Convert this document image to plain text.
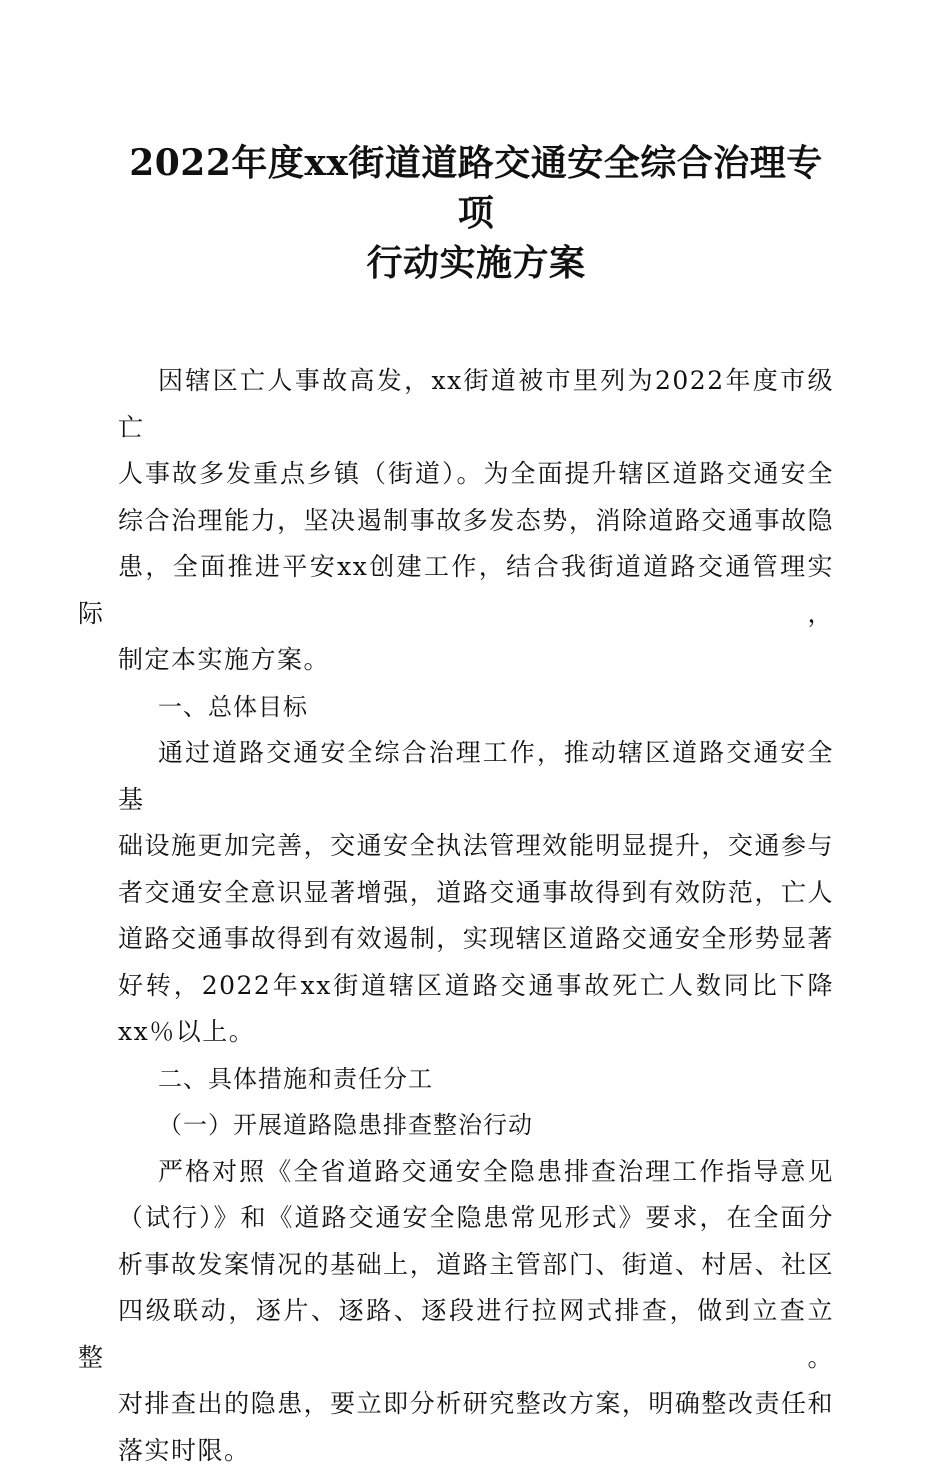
2022年度xx街道道路交通安全综合治理专项
行动实施方案

因辖区亡人事故高发，xx街道被市里列为2022年度市级亡
人事故多发重点乡镇（街道）。为全面提升辖区道路交通安全
综合治理能力，坚决遏制事故多发态势，消除道路交通事故隐
患，全面推进平安xx创建工作，结合我街道道路交通管理实际，
制定本实施方案。

一、总体目标

通过道路交通安全综合治理工作，推动辖区道路交通安全基
础设施更加完善，交通安全执法管理效能明显提升，交通参与
者交通安全意识显著增强，道路交通事故得到有效防范，亡人
道路交通事故得到有效遏制，实现辖区道路交通安全形势显著
好转，2022年xx街道辖区道路交通事故死亡人数同比下降
xx％以上。

二、具体措施和责任分工

（一）开展道路隐患排查整治行动

严格对照《全省道路交通安全隐患排查治理工作指导意见
（试行）》和《道路交通安全隐患常见形式》要求，在全面分
析事故发案情况的基础上，道路主管部门、街道、村居、社区
四级联动，逐片、逐路、逐段进行拉网式排查，做到立查立整。
对排查出的隐患，要立即分析研究整改方案，明确整改责任和
落实时限。
